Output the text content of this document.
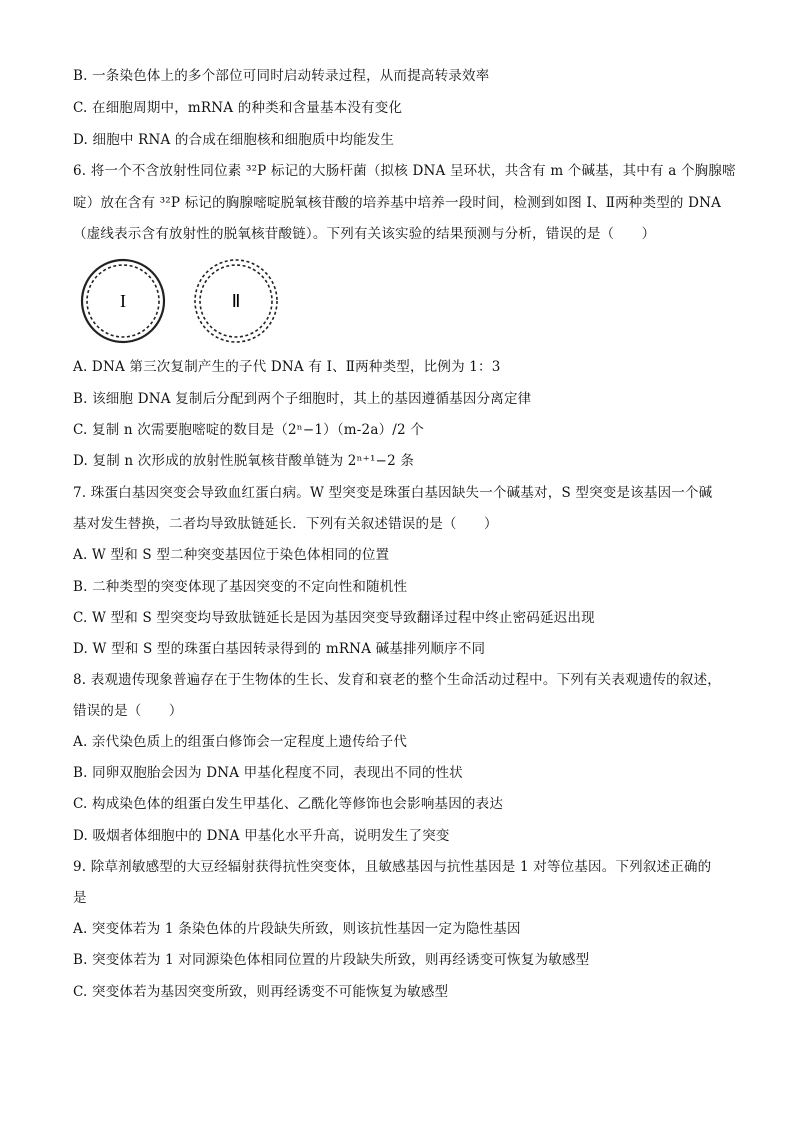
B. 一条染色体上的多个部位可同时启动转录过程，从而提高转录效率
C. 在细胞周期中，mRNA 的种类和含量基本没有变化
D. 细胞中 RNA 的合成在细胞核和细胞质中均能发生
6. 将一个不含放射性同位素 ³²P 标记的大肠杆菌（拟核 DNA 呈环状，共含有 m 个碱基，其中有 a 个胸腺嘧
啶）放在含有 ³²P 标记的胸腺嘧啶脱氧核苷酸的培养基中培养一段时间，检测到如图 I、Ⅱ两种类型的 DNA
（虚线表示含有放射性的脱氧核苷酸链）。下列有关该实验的结果预测与分析，错误的是（　　）
I	Ⅱ
A. DNA 第三次复制产生的子代 DNA 有 I、Ⅱ两种类型，比例为 1：3
B. 该细胞 DNA 复制后分配到两个子细胞时，其上的基因遵循基因分离定律
C. 复制 n 次需要胞嘧啶的数目是（2ⁿ−1）（m-2a）/2 个
D. 复制 n 次形成的放射性脱氧核苷酸单链为 2ⁿ⁺¹−2 条
7. 珠蛋白基因突变会导致血红蛋白病。W 型突变是珠蛋白基因缺失一个碱基对，S 型突变是该基因一个碱
基对发生替换，二者均导致肽链延长．下列有关叙述错误的是（　　）
A. W 型和 S 型二种突变基因位于染色体相同的位置
B. 二种类型的突变体现了基因突变的不定向性和随机性
C. W 型和 S 型突变均导致肽链延长是因为基因突变导致翻译过程中终止密码延迟出现
D. W 型和 S 型的珠蛋白基因转录得到的 mRNA 碱基排列顺序不同
8. 表观遗传现象普遍存在于生物体的生长、发育和衰老的整个生命活动过程中。下列有关表观遗传的叙述，
错误的是（　　）
A. 亲代染色质上的组蛋白修饰会一定程度上遗传给子代
B. 同卵双胞胎会因为 DNA 甲基化程度不同，表现出不同的性状
C. 构成染色体的组蛋白发生甲基化、乙酰化等修饰也会影响基因的表达
D. 吸烟者体细胞中的 DNA 甲基化水平升高，说明发生了突变
9. 除草剂敏感型的大豆经辐射获得抗性突变体，且敏感基因与抗性基因是 1 对等位基因。下列叙述正确的
是
A. 突变体若为 1 条染色体的片段缺失所致，则该抗性基因一定为隐性基因
B. 突变体若为 1 对同源染色体相同位置的片段缺失所致，则再经诱变可恢复为敏感型
C. 突变体若为基因突变所致，则再经诱变不可能恢复为敏感型
